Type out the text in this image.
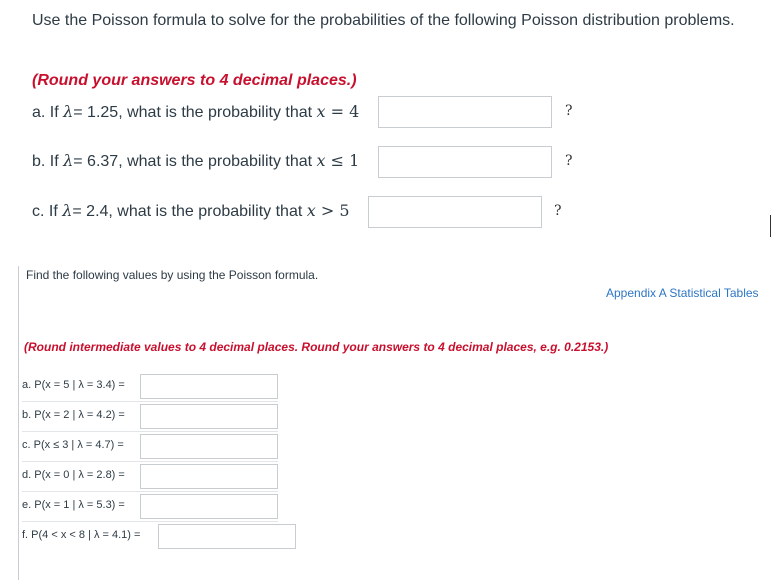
Use the Poisson formula to solve for the probabilities of the following Poisson distribution problems.
(Round your answers to 4 decimal places.)
a. If λ= 1.25, what is the probability that x = 4	?
b. If λ= 6.37, what is the probability that x ≤ 1	?
c. If λ= 2.4, what is the probability that x > 5	?
Find the following values by using the Poisson formula.
Appendix A Statistical Tables
(Round intermediate values to 4 decimal places. Round your answers to 4 decimal places, e.g. 0.2153.)
a. P(x = 5 | λ = 3.4) =
b. P(x = 2 | λ = 4.2) =
c. P(x ≤ 3 | λ = 4.7) =
d. P(x = 0 | λ = 2.8) =
e. P(x = 1 | λ = 5.3) =
f. P(4 < x < 8 | λ = 4.1) =
